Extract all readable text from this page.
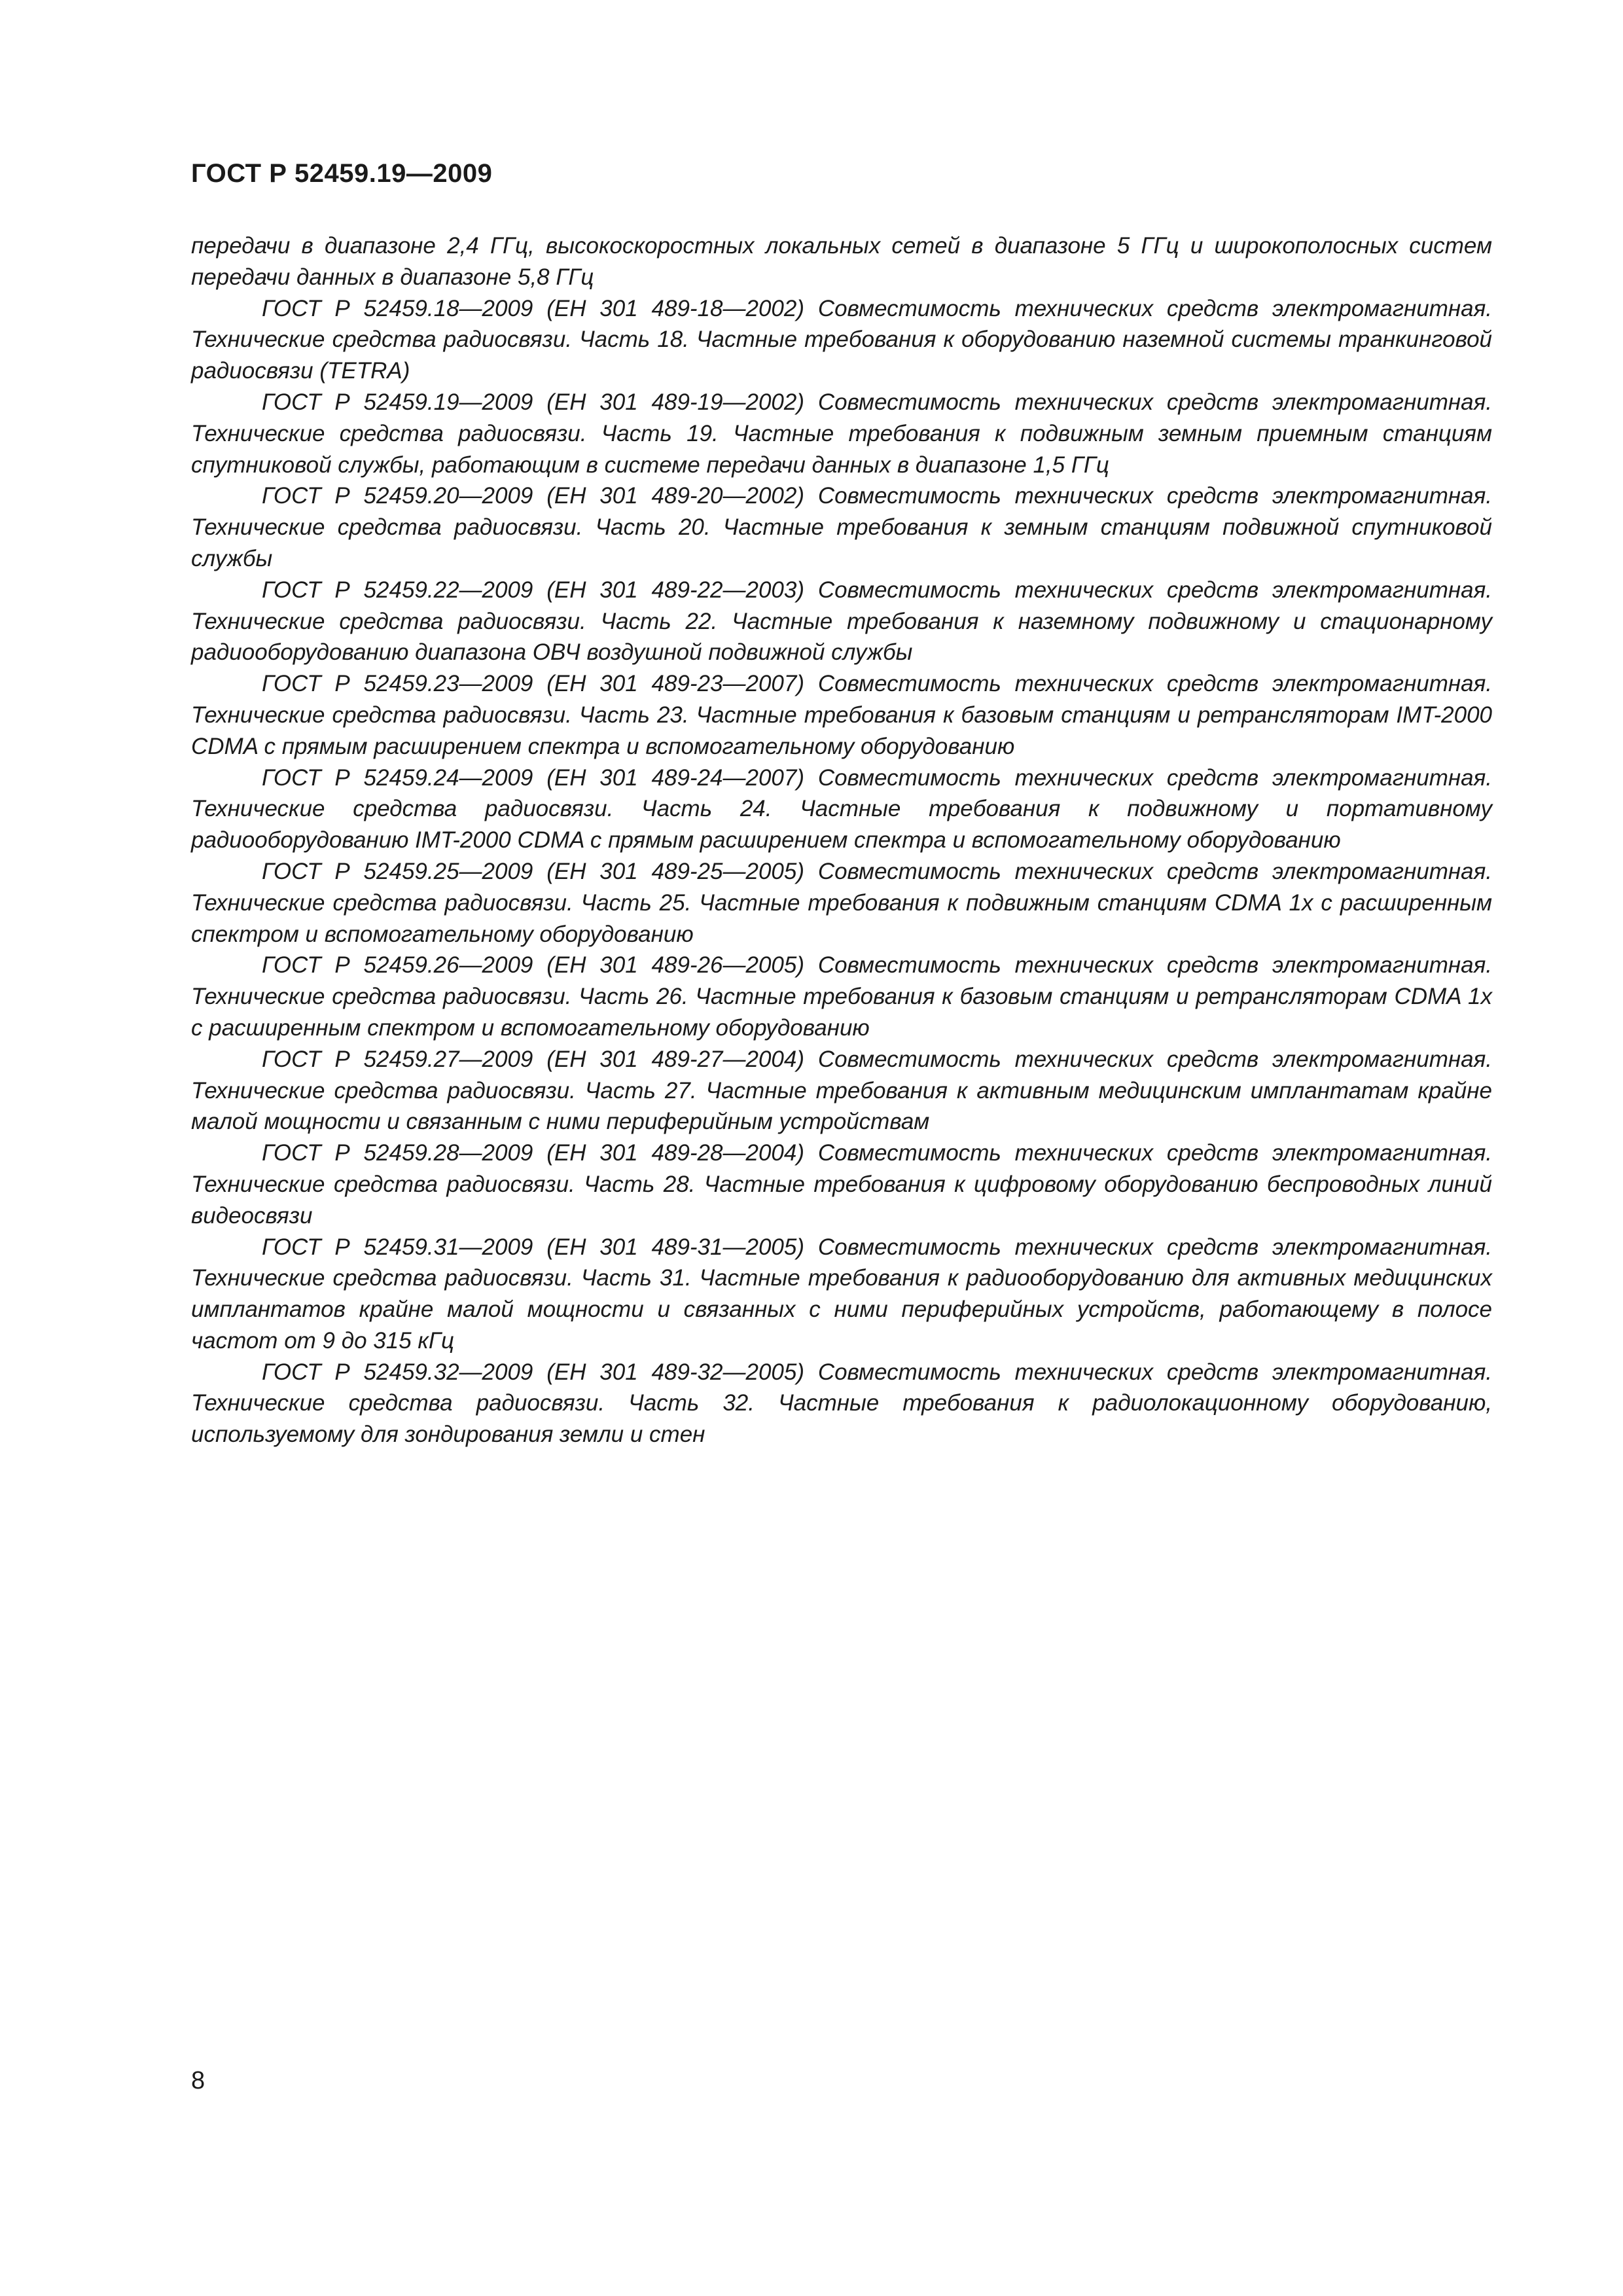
ГОСТ Р 52459.19—2009

передачи в диапазоне 2,4 ГГц, высокоскоростных локальных сетей в диапазоне 5 ГГц и широкополосных систем передачи данных в диапазоне 5,8 ГГц

ГОСТ Р 52459.18—2009 (ЕН 301 489-18—2002) Совместимость технических средств электромагнитная. Технические средства радиосвязи. Часть 18. Частные требования к оборудованию наземной системы транкинговой радиосвязи (TETRA)

ГОСТ Р 52459.19—2009 (ЕН 301 489-19—2002) Совместимость технических средств электромагнитная. Технические средства радиосвязи. Часть 19. Частные требования к подвижным земным приемным станциям спутниковой службы, работающим в системе передачи данных в диапазоне 1,5 ГГц

ГОСТ Р 52459.20—2009 (ЕН 301 489-20—2002) Совместимость технических средств электромагнитная. Технические средства радиосвязи. Часть 20. Частные требования к земным станциям подвижной спутниковой службы

ГОСТ Р 52459.22—2009 (ЕН 301 489-22—2003) Совместимость технических средств электромагнитная. Технические средства радиосвязи. Часть 22. Частные требования к наземному подвижному и стационарному радиооборудованию диапазона ОВЧ воздушной подвижной службы

ГОСТ Р 52459.23—2009 (ЕН 301 489-23—2007) Совместимость технических средств электромагнитная. Технические средства радиосвязи. Часть 23. Частные требования к базовым станциям и ретрансляторам IMT-2000 CDMA с прямым расширением спектра и вспомогательному оборудованию

ГОСТ Р 52459.24—2009 (ЕН 301 489-24—2007) Совместимость технических средств электромагнитная. Технические средства радиосвязи. Часть 24. Частные требования к подвижному и портативному радиооборудованию IMT-2000 CDMA с прямым расширением спектра и вспомогательному оборудованию

ГОСТ Р 52459.25—2009 (ЕН 301 489-25—2005) Совместимость технических средств электромагнитная. Технические средства радиосвязи. Часть 25. Частные требования к подвижным станциям CDMA 1х с расширенным спектром и вспомогательному оборудованию

ГОСТ Р 52459.26—2009 (ЕН 301 489-26—2005) Совместимость технических средств электромагнитная. Технические средства радиосвязи. Часть 26. Частные требования к базовым станциям и ретрансляторам CDMA 1х с расширенным спектром и вспомогательному оборудованию

ГОСТ Р 52459.27—2009 (ЕН 301 489-27—2004) Совместимость технических средств электромагнитная. Технические средства радиосвязи. Часть 27. Частные требования к активным медицинским имплантатам крайне малой мощности и связанным с ними периферийным устройствам

ГОСТ Р 52459.28—2009 (ЕН 301 489-28—2004) Совместимость технических средств электромагнитная. Технические средства радиосвязи. Часть 28. Частные требования к цифровому оборудованию беспроводных линий видеосвязи

ГОСТ Р 52459.31—2009 (ЕН 301 489-31—2005) Совместимость технических средств электромагнитная. Технические средства радиосвязи. Часть 31. Частные требования к радиооборудованию для активных медицинских имплантатов крайне малой мощности и связанных с ними периферийных устройств, работающему в полосе частот от 9 до 315 кГц

ГОСТ Р 52459.32—2009 (ЕН 301 489-32—2005) Совместимость технических средств электромагнитная. Технические средства радиосвязи. Часть 32. Частные требования к радиолокационному оборудованию, используемому для зондирования земли и стен

8
